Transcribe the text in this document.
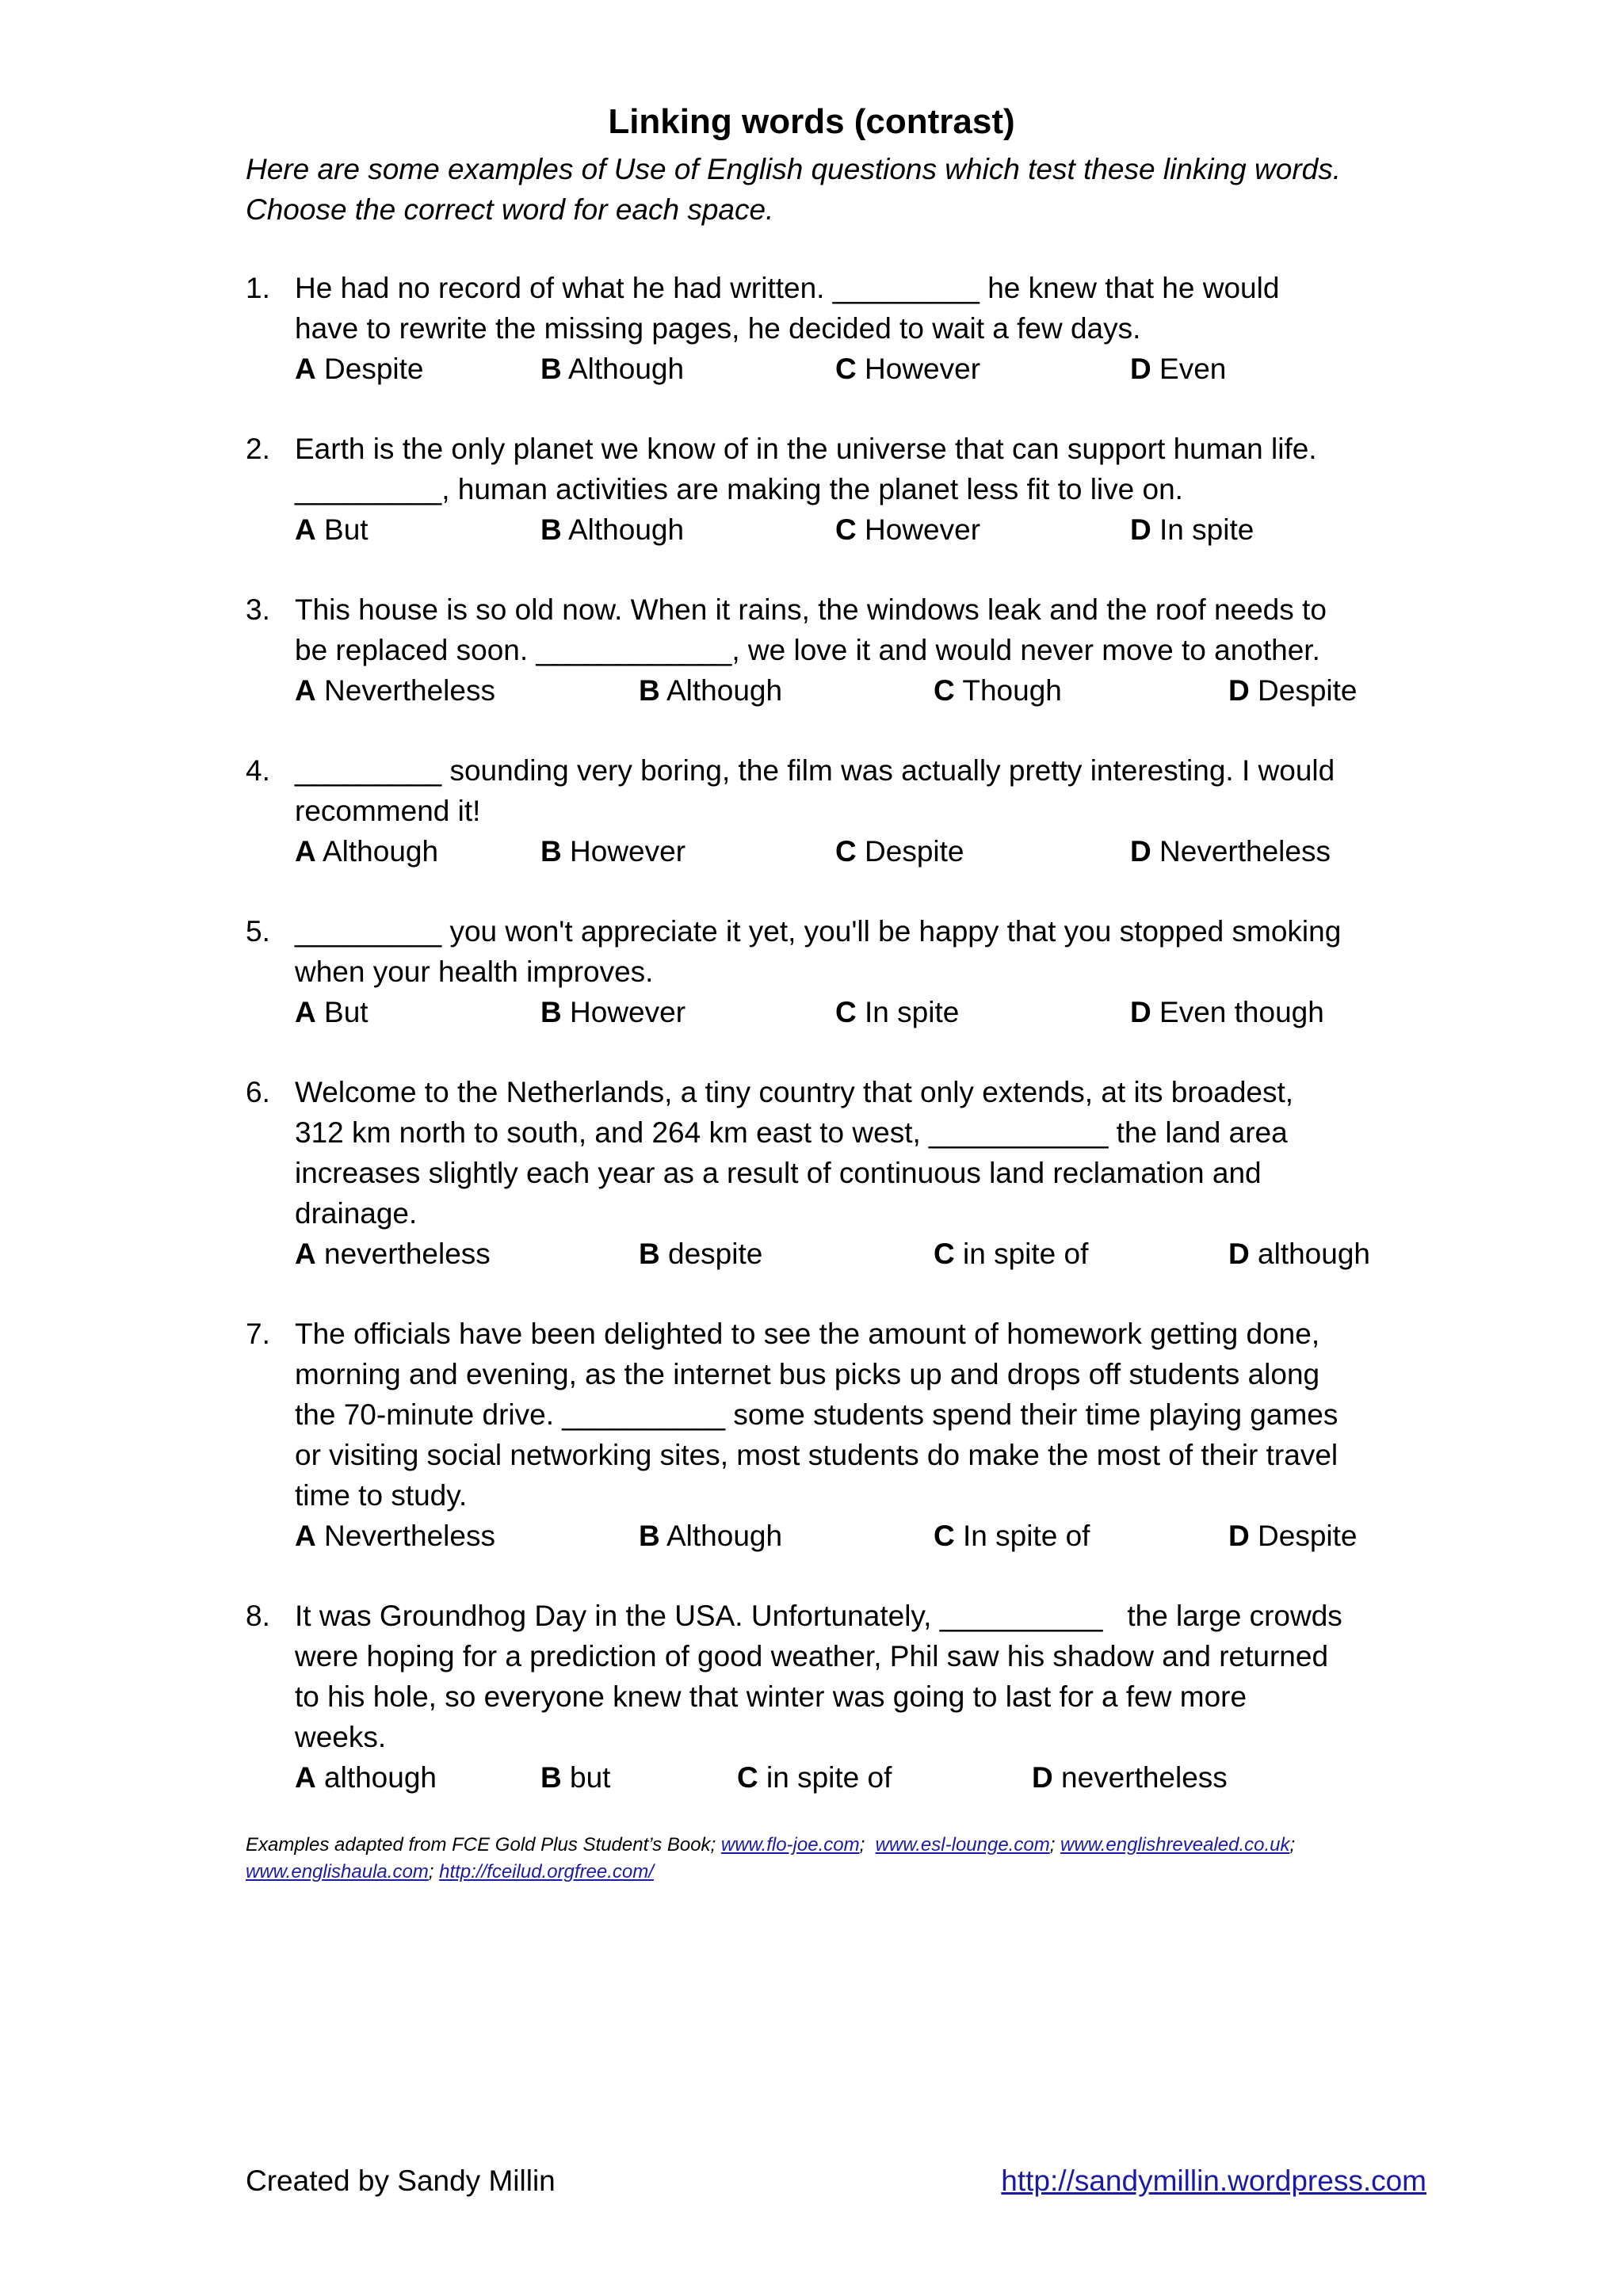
Linking words (contrast)
Here are some examples of Use of English questions which test these linking words.
Choose the correct word for each space.
1. He had no record of what he had written. _________ he knew that he would
have to rewrite the missing pages, he decided to wait a few days.
A Despite	B Although	C However	D Even
2. Earth is the only planet we know of in the universe that can support human life.
_________, human activities are making the planet less fit to live on.
A But	B Although	C However	D In spite
3. This house is so old now. When it rains, the windows leak and the roof needs to
be replaced soon. ____________, we love it and would never move to another.
A Nevertheless	B Although	C Though	D Despite
4. _________ sounding very boring, the film was actually pretty interesting. I would
recommend it!
A Although	B However	C Despite	D Nevertheless
5. _________ you won't appreciate it yet, you'll be happy that you stopped smoking
when your health improves.
A But	B However	C In spite	D Even though
6. Welcome to the Netherlands, a tiny country that only extends, at its broadest,
312 km north to south, and 264 km east to west, ___________ the land area
increases slightly each year as a result of continuous land reclamation and
drainage.
A nevertheless	B despite	C in spite of	D although
7. The officials have been delighted to see the amount of homework getting done,
morning and evening, as the internet bus picks up and drops off students along
the 70-minute drive. __________ some students spend their time playing games
or visiting social networking sites, most students do make the most of their travel
time to study.
A Nevertheless	B Although	C In spite of	D Despite
8. It was Groundhog Day in the USA. Unfortunately, __________   the large crowds
were hoping for a prediction of good weather, Phil saw his shadow and returned
to his hole, so everyone knew that winter was going to last for a few more
weeks.
A although	B but	C in spite of	D nevertheless
Examples adapted from FCE Gold Plus Student’s Book; www.flo-joe.com;  www.esl-lounge.com; www.englishrevealed.co.uk;
www.englishaula.com; http://fceilud.orgfree.com/
Created by Sandy Millin	http://sandymillin.wordpress.com
